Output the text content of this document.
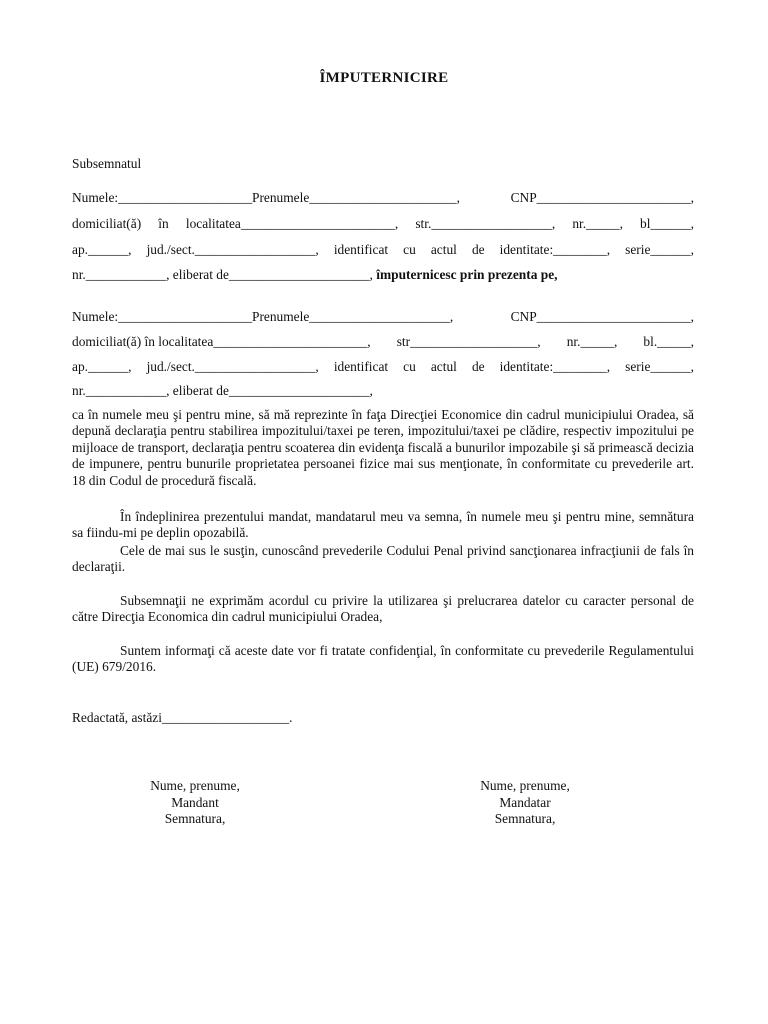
ÎMPUTERNICIRE
Subsemnatul
Numele:____________________Prenumele______________________,	CNP_______________________,
domiciliat(ă) în localitatea_______________________, str.__________________, nr._____, bl______,
ap.______, jud./sect.__________________, identificat cu actul de identitate:________, serie______,
nr.____________, eliberat de_____________________, împuternicesc prin prezenta pe,
Numele:____________________Prenumele_____________________,	CNP_______________________,
domiciliat(ă) în localitatea_______________________, str___________________, nr._____, bl._____,
ap.______, jud./sect.__________________, identificat cu actul de identitate:________, serie______,
nr.____________, eliberat de_____________________,
ca în numele meu şi pentru mine, să mă reprezinte în faţa Direcţiei Economice din cadrul municipiului Oradea, să depună declaraţia pentru stabilirea impozitului/taxei pe teren, impozitului/taxei pe clădire, respectiv impozitului pe mijloace de transport, declaraţia pentru scoaterea din evidenţa fiscală a bunurilor impozabile şi să primească decizia de impunere, pentru bunurile proprietatea persoanei fizice mai sus menţionate, în conformitate cu prevederile art. 18 din Codul de procedură fiscală.
În îndeplinirea prezentului mandat, mandatarul meu va semna, în numele meu şi pentru mine, semnătura sa fiindu-mi pe deplin opozabilă.
Cele de mai sus le susţin, cunoscând prevederile Codului Penal privind sancţionarea infracţiunii de fals în declaraţii.
Subsemnaţii ne exprimăm acordul cu privire la utilizarea şi prelucrarea datelor cu caracter personal de către Direcţia Economica din cadrul municipiului Oradea,
Suntem informaţi că aceste date vor fi tratate confidenţial, în conformitate cu prevederile Regulamentului (UE) 679/2016.
Redactată, astăzi___________________.
Nume, prenume,
Mandant
Semnatura,
Nume, prenume,
Mandatar
Semnatura,
